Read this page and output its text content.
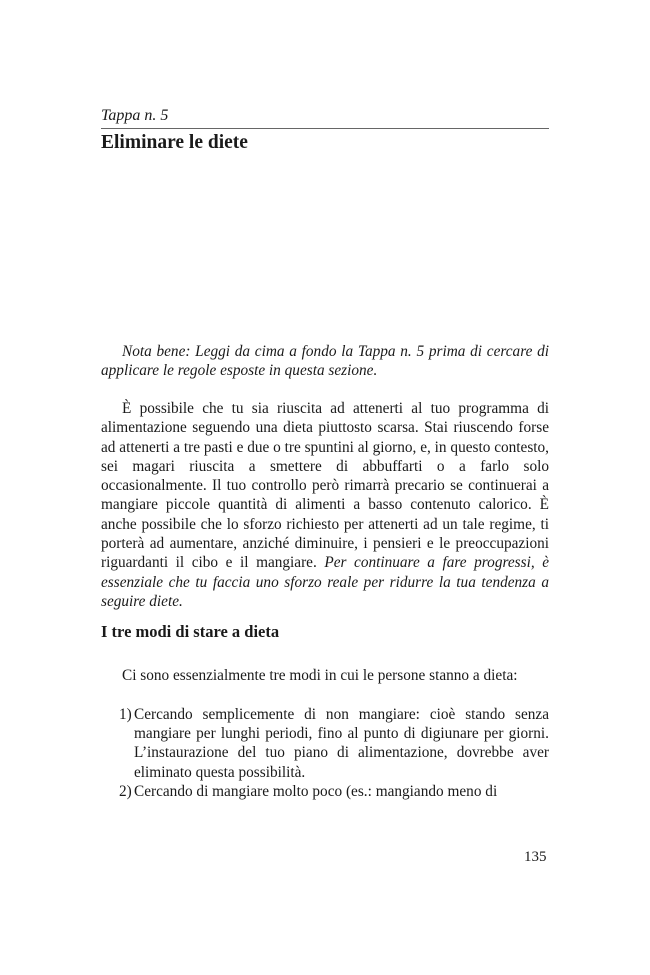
Tappa n. 5
Eliminare le diete

Nota bene: Leggi da cima a fondo la Tappa n. 5 prima di cercare di applicare le regole esposte in questa sezione.

È possibile che tu sia riuscita ad attenerti al tuo programma di alimentazione seguendo una dieta piuttosto scarsa. Stai riuscendo forse ad attenerti a tre pasti e due o tre spuntini al giorno, e, in questo contesto, sei magari riuscita a smettere di abbuffarti o a farlo solo occasionalmente. Il tuo controllo però rimarrà precario se continuerai a mangiare piccole quantità di alimenti a basso contenuto calorico. È anche possibile che lo sforzo richiesto per attenerti ad un tale regime, ti porterà ad aumentare, anziché diminuire, i pensieri e le preoccupazioni riguardanti il cibo e il mangiare. Per continuare a fare progressi, è essenziale che tu faccia uno sforzo reale per ridurre la tua tendenza a seguire diete.

I tre modi di stare a dieta

Ci sono essenzialmente tre modi in cui le persone stanno a dieta:

1) Cercando semplicemente di non mangiare: cioè stando senza mangiare per lunghi periodi, fino al punto di digiunare per giorni. L’instaurazione del tuo piano di alimentazione, dovrebbe aver eliminato questa possibilità.
2) Cercando di mangiare molto poco (es.: mangiando meno di
135
